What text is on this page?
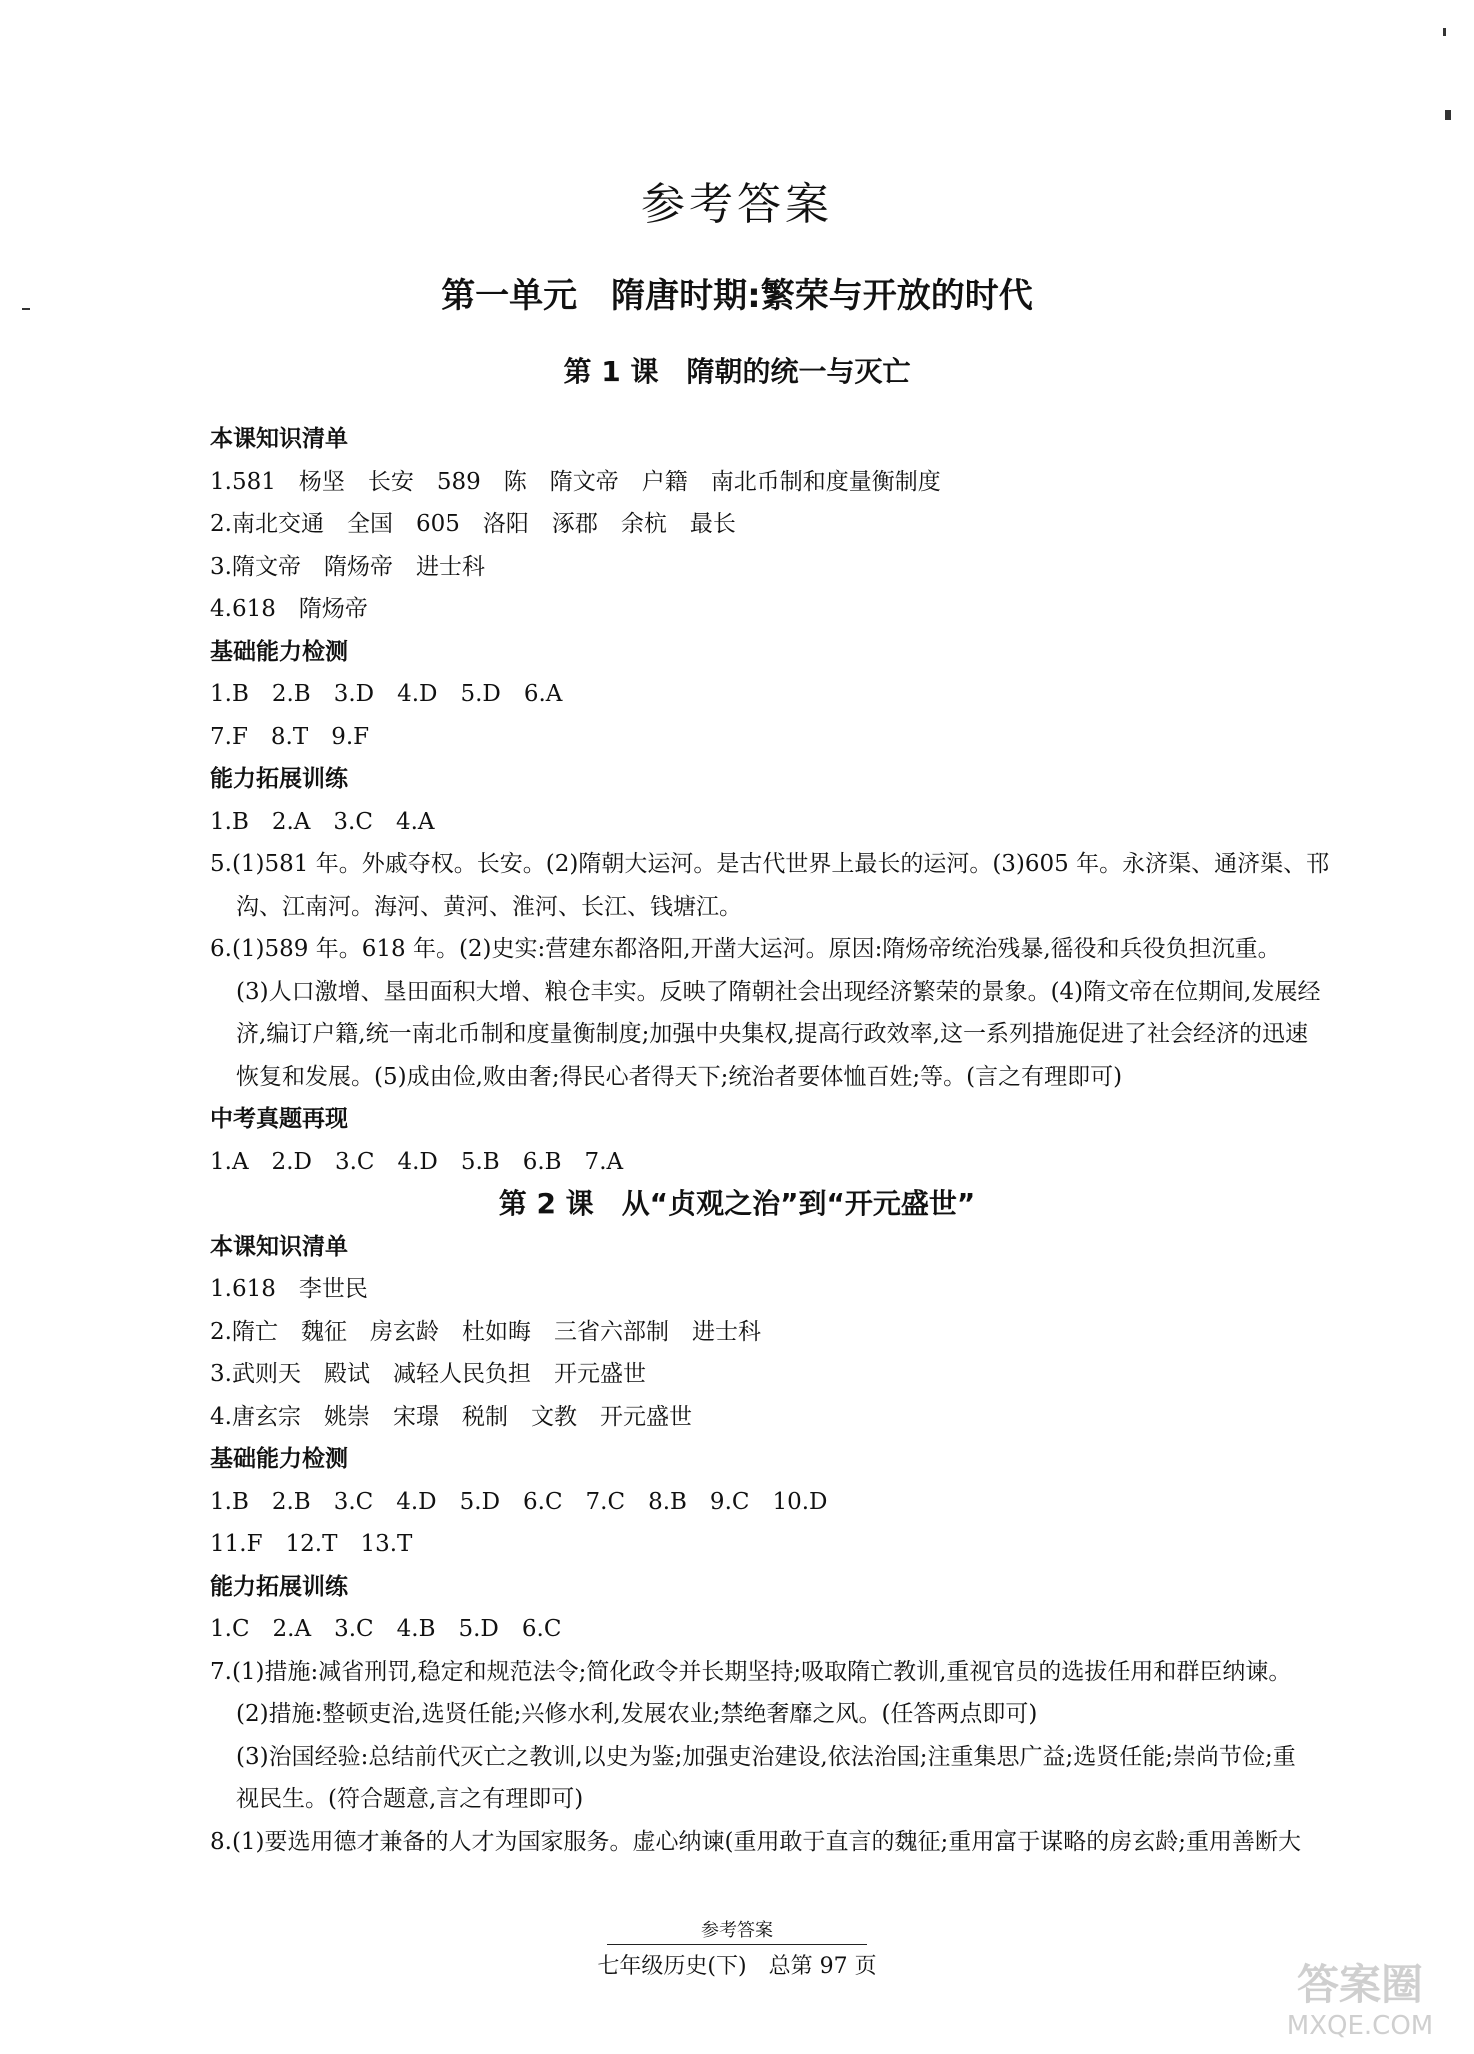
参考答案
第一单元　隋唐时期:繁荣与开放的时代
第 1 课　隋朝的统一与灭亡
本课知识清单
1.581　杨坚　长安　589　陈　隋文帝　户籍　南北币制和度量衡制度
2.南北交通　全国　605　洛阳　涿郡　余杭　最长
3.隋文帝　隋炀帝　进士科
4.618　隋炀帝
基础能力检测
1.B　2.B　3.D　4.D　5.D　6.A
7.F　8.T　9.F
能力拓展训练
1.B　2.A　3.C　4.A
5.(1)581 年。外戚夺权。长安。(2)隋朝大运河。是古代世界上最长的运河。(3)605 年。永济渠、通济渠、邗
沟、江南河。海河、黄河、淮河、长江、钱塘江。
6.(1)589 年。618 年。(2)史实:营建东都洛阳,开凿大运河。原因:隋炀帝统治残暴,徭役和兵役负担沉重。
(3)人口激增、垦田面积大增、粮仓丰实。反映了隋朝社会出现经济繁荣的景象。(4)隋文帝在位期间,发展经
济,编订户籍,统一南北币制和度量衡制度;加强中央集权,提高行政效率,这一系列措施促进了社会经济的迅速
恢复和发展。(5)成由俭,败由奢;得民心者得天下;统治者要体恤百姓;等。(言之有理即可)
中考真题再现
1.A　2.D　3.C　4.D　5.B　6.B　7.A
第 2 课　从“贞观之治”到“开元盛世”
本课知识清单
1.618　李世民
2.隋亡　魏征　房玄龄　杜如晦　三省六部制　进士科
3.武则天　殿试　减轻人民负担　开元盛世
4.唐玄宗　姚崇　宋璟　税制　文教　开元盛世
基础能力检测
1.B　2.B　3.C　4.D　5.D　6.C　7.C　8.B　9.C　10.D
11.F　12.T　13.T
能力拓展训练
1.C　2.A　3.C　4.B　5.D　6.C
7.(1)措施:减省刑罚,稳定和规范法令;简化政令并长期坚持;吸取隋亡教训,重视官员的选拔任用和群臣纳谏。
(2)措施:整顿吏治,选贤任能;兴修水利,发展农业;禁绝奢靡之风。(任答两点即可)
(3)治国经验:总结前代灭亡之教训,以史为鉴;加强吏治建设,依法治国;注重集思广益;选贤任能;崇尚节俭;重
视民生。(符合题意,言之有理即可)
8.(1)要选用德才兼备的人才为国家服务。虚心纳谏(重用敢于直言的魏征;重用富于谋略的房玄龄;重用善断大
参考答案
七年级历史(下)　总第 97 页	答案圈
MXQE.COM
